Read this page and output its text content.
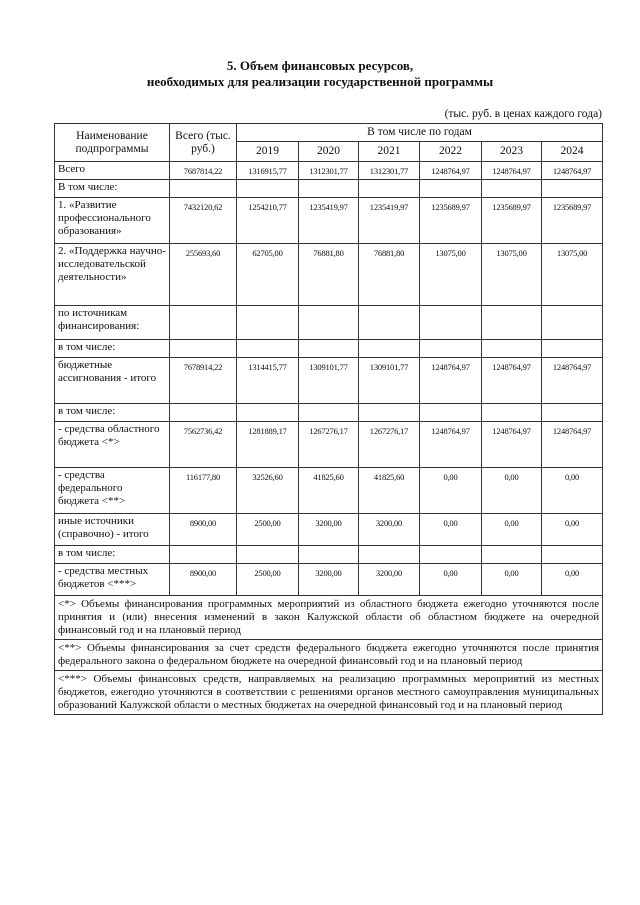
5. Объем финансовых ресурсов,
необходимых для реализации государственной программы
(тыс. руб. в ценах каждого года)
Наименование подпрограммы	Всего (тыс. руб.)	В том числе по годам					
		2019	2020	2021	2022	2023	2024
Всего	7687814,22	1316915,77	1312301,77	1312301,77	1248764,97	1248764,97	1248764,97
В том числе:							
1. «Развитие профессионального образования»	7432120,62	1254210,77	1235419,97	1235419,97	1235689,97	1235689,97	1235689,97
2. «Поддержка научно-исследовательской деятельности»	255693,60	62705,00	76881,80	76881,80	13075,00	13075,00	13075,00
по источникам финансирования:							
в том числе:							
бюджетные ассигнования - итого	7678914,22	1314415,77	1309101,77	1309101,77	1248764,97	1248764,97	1248764,97
в том числе:							
- средства областного бюджета <*>	7562736,42	1281889,17	1267276,17	1267276,17	1248764,97	1248764,97	1248764,97
- средства федерального бюджета <**>	116177,80	32526,60	41825,60	41825,60	0,00	0,00	0,00
иные источники (справочно) - итого	8900,00	2500,00	3200,00	3200,00	0,00	0,00	0,00
в том числе:							
- средства местных бюджетов <***>	8900,00	2500,00	3200,00	3200,00	0,00	0,00	0,00
<*> Объемы финансирования программных мероприятий из областного бюджета ежегодно уточняются после принятия и (или) внесения изменений в закон Калужской области об областном бюджете на очередной финансовый год и на плановый период							
<**> Объемы финансирования за счет средств федерального бюджета ежегодно уточняются после принятия федерального закона о федеральном бюджете на очередной финансовый год и на плановый период							
<***> Объемы финансовых средств, направляемых на реализацию программных мероприятий из местных бюджетов, ежегодно уточняются в соответствии с решениями органов местного самоуправления муниципальных образований Калужской области о местных бюджетах на очередной финансовый год и на плановый период							
